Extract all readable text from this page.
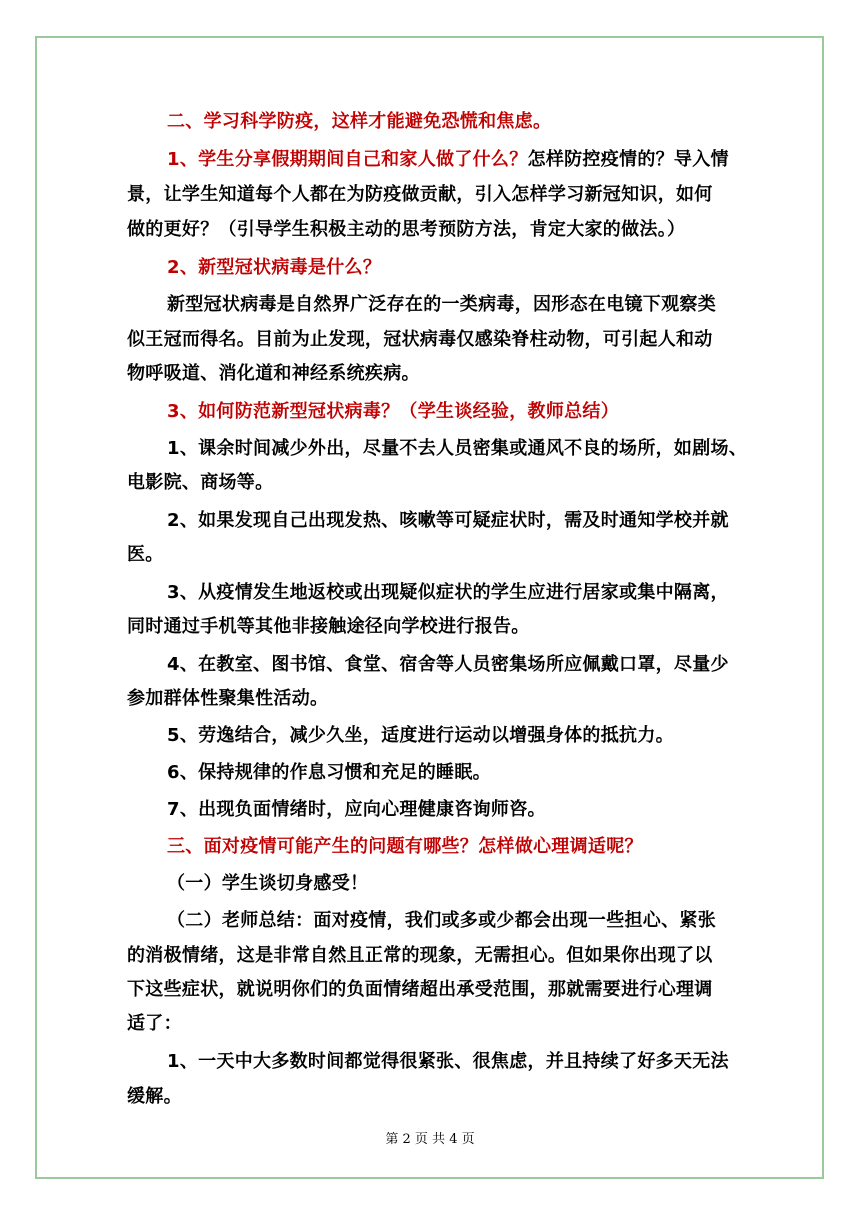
二、学习科学防疫，这样才能避免恐慌和焦虑。

1、学生分享假期期间自己和家人做了什么？怎样防控疫情的？导入情

景，让学生知道每个人都在为防疫做贡献，引入怎样学习新冠知识，如何

做的更好？（引导学生积极主动的思考预防方法，肯定大家的做法。）

2、新型冠状病毒是什么？

新型冠状病毒是自然界广泛存在的一类病毒，因形态在电镜下观察类

似王冠而得名。目前为止发现，冠状病毒仅感染脊柱动物，可引起人和动

物呼吸道、消化道和神经系统疾病。

3、如何防范新型冠状病毒？（学生谈经验，教师总结）

1、课余时间减少外出，尽量不去人员密集或通风不良的场所，如剧场、

电影院、商场等。

2、如果发现自己出现发热、咳嗽等可疑症状时，需及时通知学校并就

医。

3、从疫情发生地返校或出现疑似症状的学生应进行居家或集中隔离，

同时通过手机等其他非接触途径向学校进行报告。

4、在教室、图书馆、食堂、宿舍等人员密集场所应佩戴口罩，尽量少

参加群体性聚集性活动。

5、劳逸结合，减少久坐，适度进行运动以增强身体的抵抗力。

6、保持规律的作息习惯和充足的睡眠。

7、出现负面情绪时，应向心理健康咨询师咨。

三、面对疫情可能产生的问题有哪些？怎样做心理调适呢？

（一）学生谈切身感受！

（二）老师总结：面对疫情，我们或多或少都会出现一些担心、紧张

的消极情绪，这是非常自然且正常的现象，无需担心。但如果你出现了以

下这些症状，就说明你们的负面情绪超出承受范围，那就需要进行心理调

适了：

1、一天中大多数时间都觉得很紧张、很焦虑，并且持续了好多天无法

缓解。

第 2 页 共 4 页
